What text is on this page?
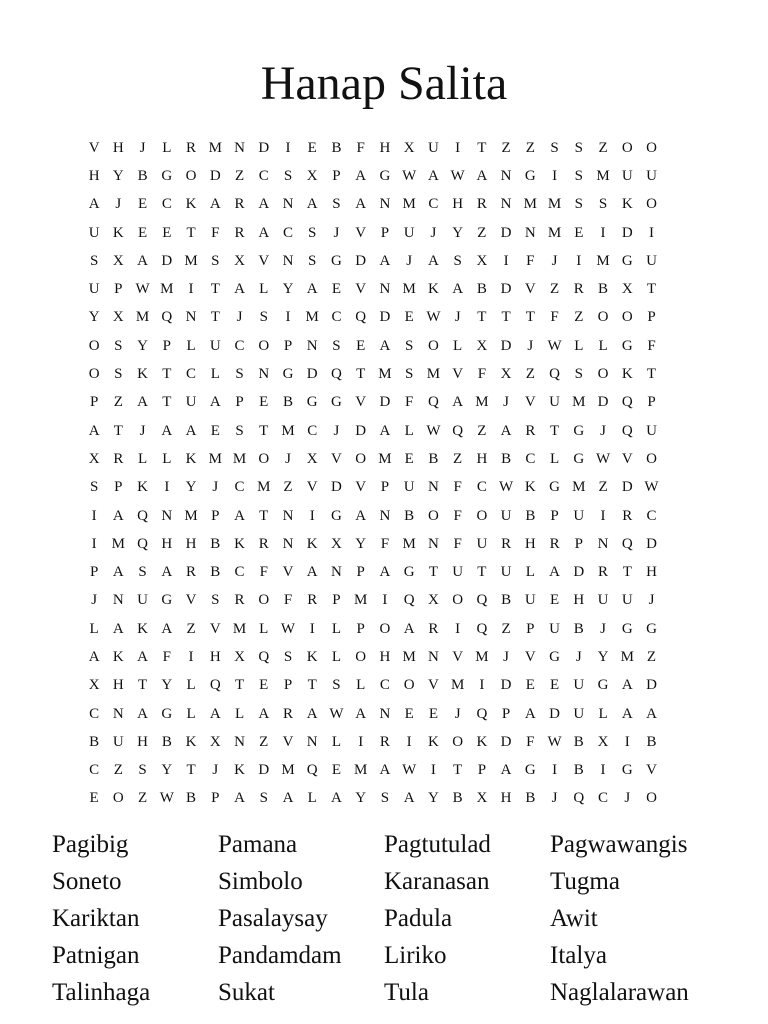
Hanap Salita
V H	J	L R M N D	I	E B	F H X U	I	T	Z	Z	S	S	Z O O
H Y B G O D Z C	S X P A G W A W A N G	I	S M U U
A	J	E C K A R A N A S A N M C H R N M M S	S K O
U K E	E	T	F	R A C	S	J	V P U	J	Y Z D N M E	I	D	I
S X A D M S X V N S G D A	J	A S X	I	F	J	I	M G U
U P W M	I	T A L Y A E V N M K A B D V Z R B X T
Y X M Q N T	J	S	I	M C Q D E W J	T	T	T	F	Z O O P
O S Y P	L U C O P N S	E A S O L X D	J W L	L G F
O S K T C L	S N G D Q T M S M V F X Z Q S O K T
P	Z A T U A P	E B G G V D F Q A M J	V U M D Q P
A T	J	A A E	S	T M C	J	D A L W Q Z A R T G	J	Q U
X R L	L K M M O	J	X V O M E B Z H B C L G W V O
S	P K	I	Y	J	C M Z V D V P U N F	C W K G M Z D W
I	A Q N M P A T N	I	G A N B O F O U B	P U	I	R C
I	M Q H H B K R N K X Y F M N F U R H R	P N Q D
P A S A R B C	F V A N P A G T U T U L A D R T H
J	N U G V S	R O F	R	P M	I	Q X O Q B U E H U U	J
L A K A Z V M L W I	L	P O A R	I	Q Z	P U B	J	G G
A K A F	I	H X Q S K L O H M N V M J	V G	J	Y M Z
X H T Y L Q T	E	P	T	S	L C O V M	I	D E	E U G A D
C N A G L A L A R A W A N E	E	J	Q P A D U L A A
B U H B K X N Z V N L	I	R	I	K O K D F W B X	I	B
C Z	S Y T	J	K D M Q E M A W I	T	P A G	I	B	I	G V
E O Z W B	P A S A L A Y S A Y B X H B	J	Q C	J	O
Pagibig	Pamana	Pagtutulad	Pagwawangis
Soneto	Simbolo	Karanasan	Tugma
Kariktan	Pasalaysay	Padula	Awit
Patnigan	Pandamdam	Liriko	Italya
Talinhaga	Sukat	Tula	Naglalarawan
